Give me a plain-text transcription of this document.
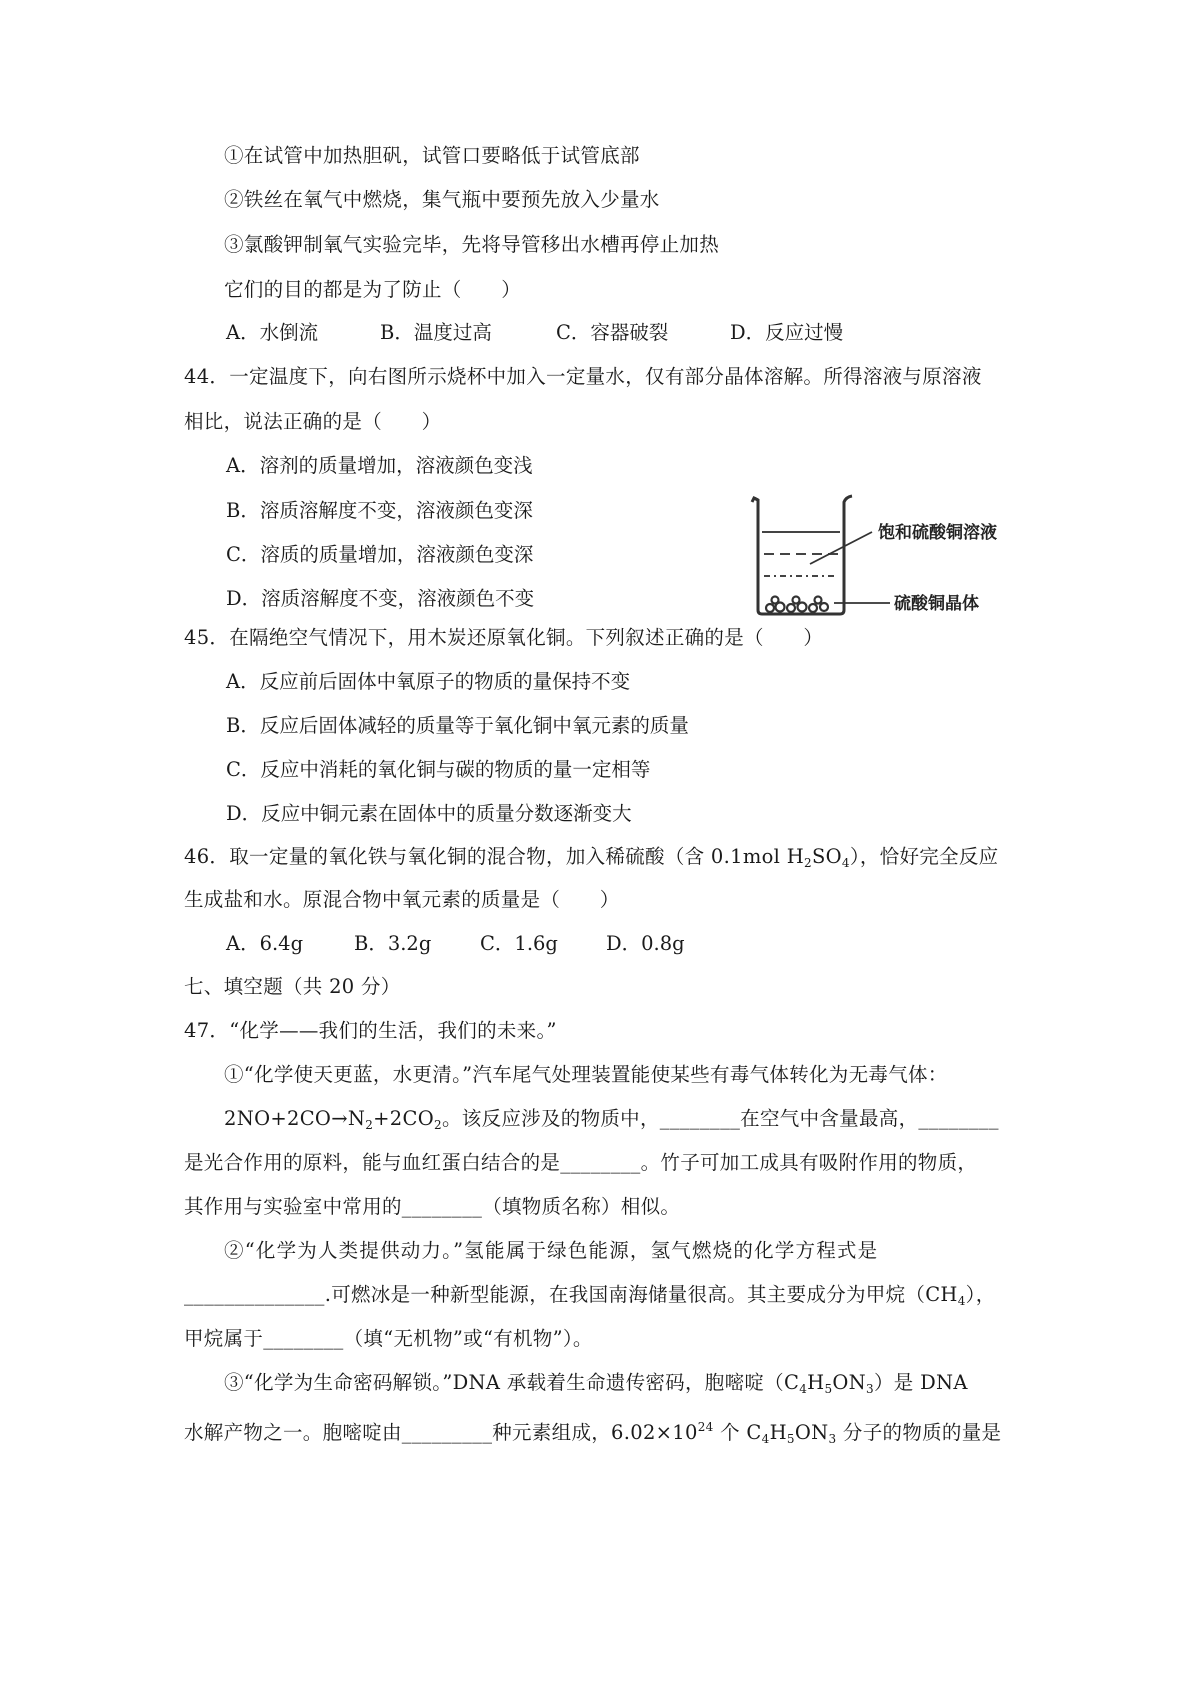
①在试管中加热胆矾，试管口要略低于试管底部
②铁丝在氧气中燃烧，集气瓶中要预先放入少量水
③氯酸钾制氧气实验完毕，先将导管移出水槽再停止加热
它们的目的都是为了防止（　　）
A．水倒流	B．温度过高	C．容器破裂	D．反应过慢
44．一定温度下，向右图所示烧杯中加入一定量水，仅有部分晶体溶解。所得溶液与原溶液
相比，说法正确的是（　　）
A．溶剂的质量增加，溶液颜色变浅
B．溶质溶解度不变，溶液颜色变深
C．溶质的质量增加，溶液颜色变深
D．溶质溶解度不变，溶液颜色不变
饱和硫酸铜溶液
硫酸铜晶体
45．在隔绝空气情况下，用木炭还原氧化铜。下列叙述正确的是（　　）
A．反应前后固体中氧原子的物质的量保持不变
B．反应后固体减轻的质量等于氧化铜中氧元素的质量
C．反应中消耗的氧化铜与碳的物质的量一定相等
D．反应中铜元素在固体中的质量分数逐渐变大
46．取一定量的氧化铁与氧化铜的混合物，加入稀硫酸（含 0.1mol $H_2SO_4$），恰好完全反应
生成盐和水。原混合物中氧元素的质量是（　　）
A．6.4g	B．3.2g C．1.6g D．0.8g
七、填空题（共 20 分）
47．“化学——我们的生活，我们的未来。”
①“化学使天更蓝，水更清。”汽车尾气处理装置能使某些有毒气体转化为无毒气体：
$2NO+2CO\to N_2+2CO_2$。该反应涉及的物质中，________在空气中含量最高，________
是光合作用的原料，能与血红蛋白结合的是________。竹子可加工成具有吸附作用的物质，
其作用与实验室中常用的________（填物质名称）相似。
②“化学为人类提供动力。”氢能属于绿色能源，氢气燃烧的化学方程式是
______________.可燃冰是一种新型能源，在我国南海储量很高。其主要成分为甲烷$(CH_4)$，
甲烷属于________（填“无机物”或“有机物”）。
③“化学为生命密码解锁。”DNA 承载着生命遗传密码，胞嘧啶$(C_4H_5ON_3)$是 DNA
水解产物之一。胞嘧啶由_________种元素组成，$6.02\times 10^{24}$ 个 $C_4H_5ON_3$ 分子的物质的量是
